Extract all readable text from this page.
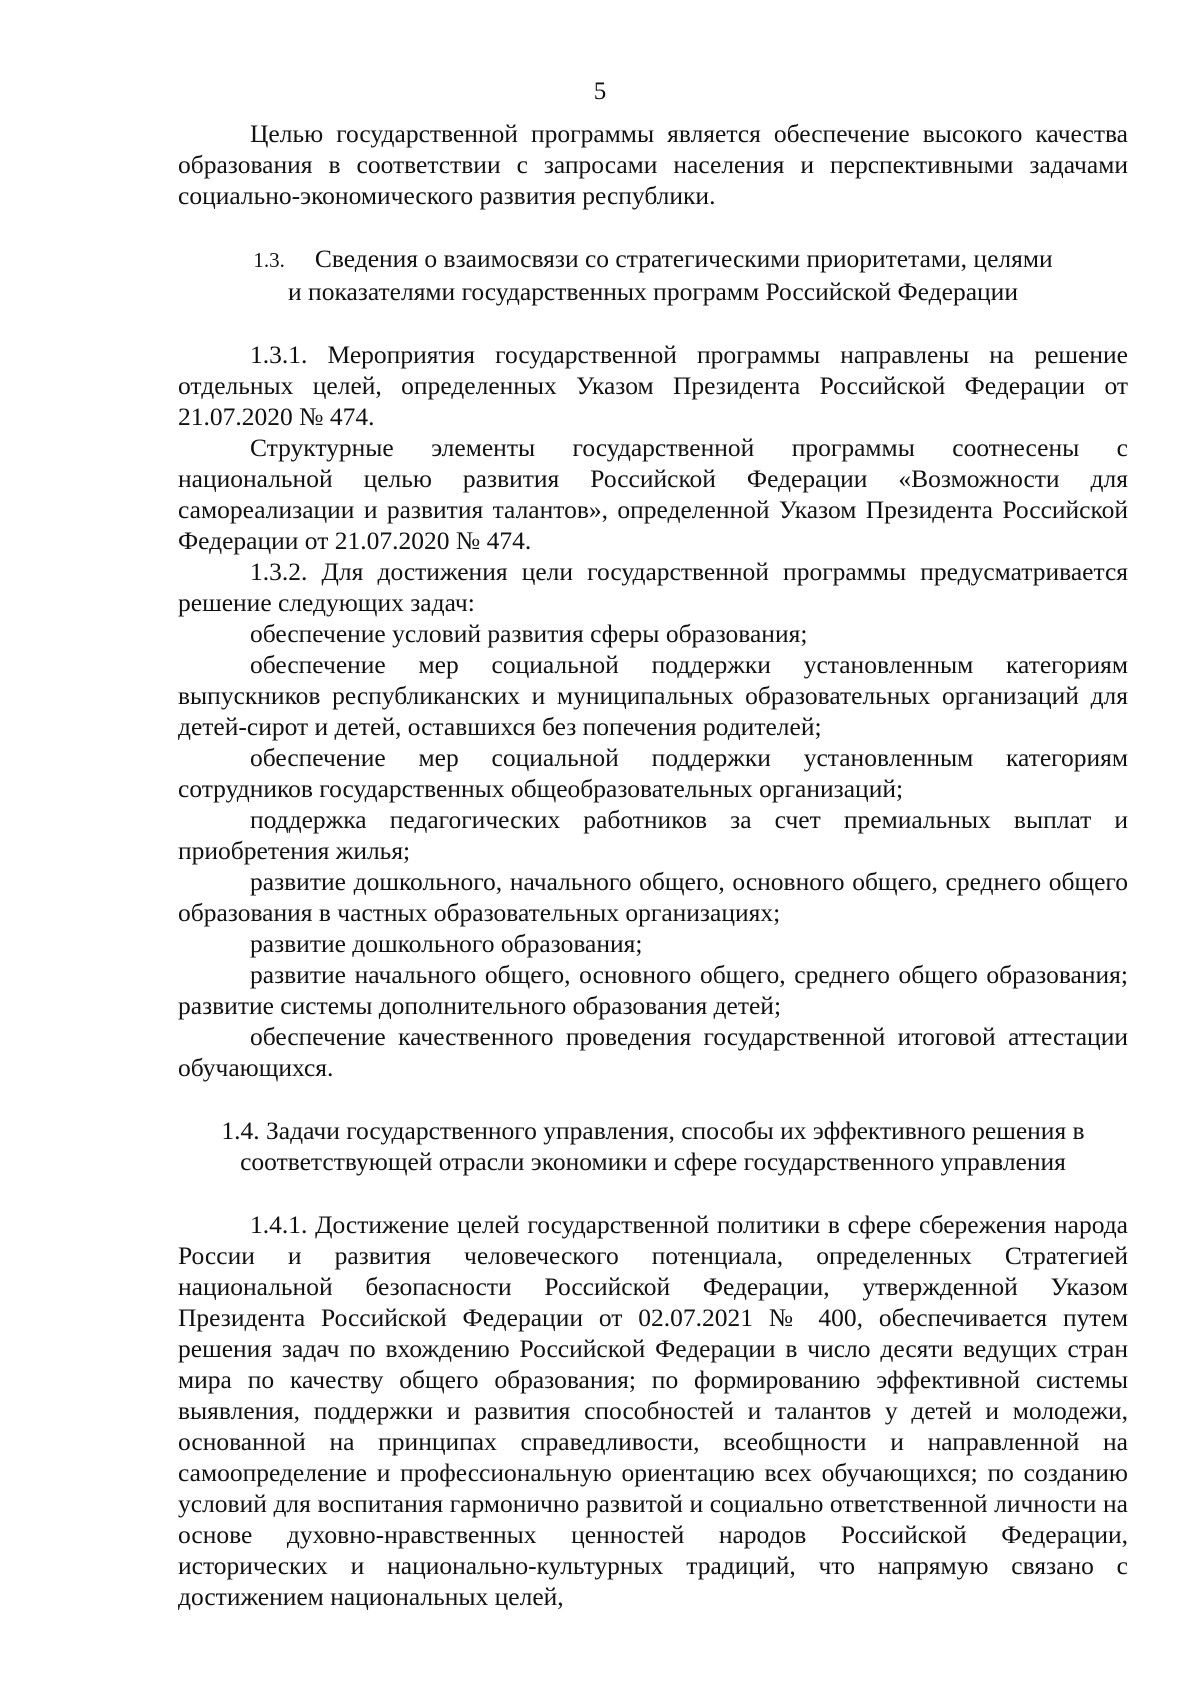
5

Целью государственной программы является обеспечение высокого качества образования в соответствии с запросами населения и перспективными задачами социально-экономического развития республики.

1.3. Сведения о взаимосвязи со стратегическими приоритетами, целями
и показателями государственных программ Российской Федерации

1.3.1. Мероприятия государственной программы направлены на решение отдельных целей, определенных Указом Президента Российской Федерации от 21.07.2020 № 474.

Структурные элементы государственной программы соотнесены с национальной целью развития Российской Федерации «Возможности для самореализации и развития талантов», определенной Указом Президента Российской Федерации от 21.07.2020 № 474.

1.3.2. Для достижения цели государственной программы предусматривается решение следующих задач:

обеспечение условий развития сферы образования;

обеспечение мер социальной поддержки установленным категориям выпускников республиканских и муниципальных образовательных организаций для детей-сирот и детей, оставшихся без попечения родителей;

обеспечение мер социальной поддержки установленным категориям сотрудников государственных общеобразовательных организаций;

поддержка педагогических работников за счет премиальных выплат и приобретения жилья;

развитие дошкольного, начального общего, основного общего, среднего общего образования в частных образовательных организациях;

развитие дошкольного образования;

развитие начального общего, основного общего, среднего общего образования; развитие системы дополнительного образования детей;

обеспечение качественного проведения государственной итоговой аттестации обучающихся.

1.4. Задачи государственного управления, способы их эффективного решения в
соответствующей отрасли экономики и сфере государственного управления

1.4.1. Достижение целей государственной политики в сфере сбережения народа России и развития человеческого потенциала, определенных Стратегией национальной безопасности Российской Федерации, утвержденной Указом Президента Российской Федерации от 02.07.2021 № 400, обеспечивается путем решения задач по вхождению Российской Федерации в число десяти ведущих стран мира по качеству общего образования; по формированию эффективной системы выявления, поддержки и развития способностей и талантов у детей и молодежи, основанной на принципах справедливости, всеобщности и направленной на самоопределение и профессиональную ориентацию всех обучающихся; по созданию условий для воспитания гармонично развитой и социально ответственной личности на основе духовно-нравственных ценностей народов Российской Федерации, исторических и национально-культурных традиций, что напрямую связано с достижением национальных целей,
